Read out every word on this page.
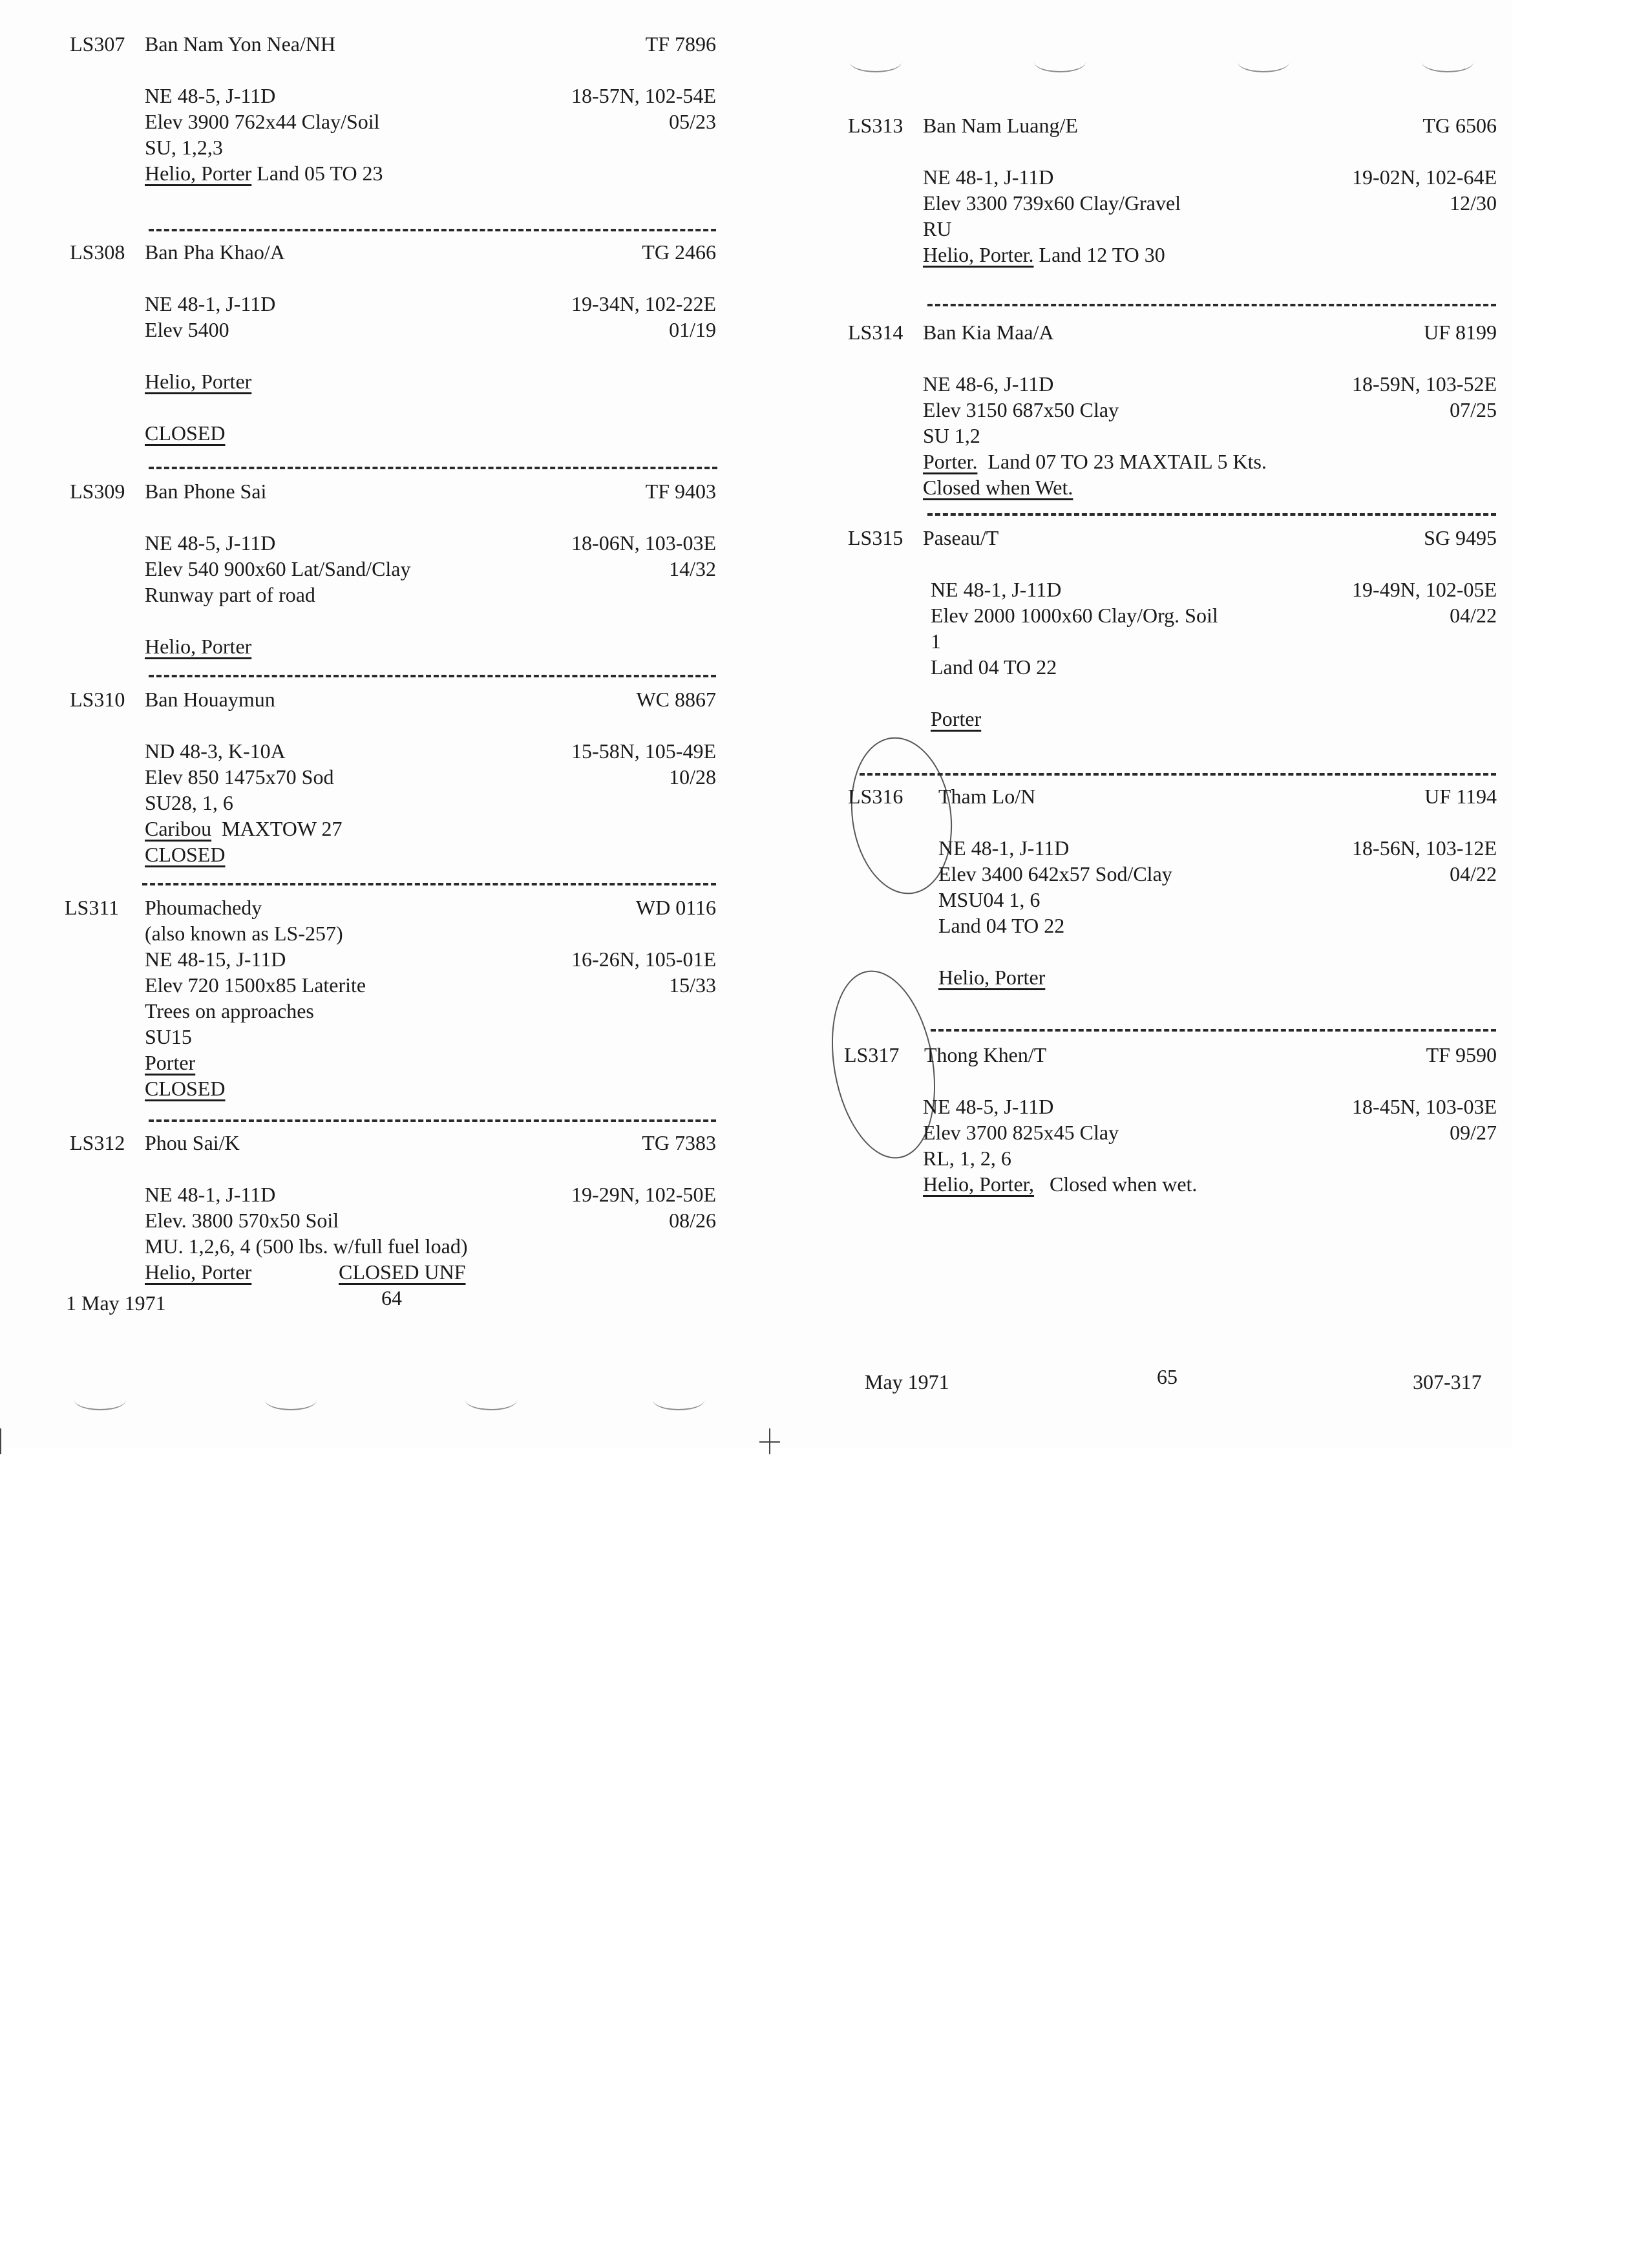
LS307 Ban Nam Yon Nea/NH	TF 7896
NE 48-5, J-11D	18-57N, 102-54E
Elev 3900 762x44 Clay/Soil	05/23
SU, 1,2,3
Helio, Porter Land 05 TO 23
LS308 Ban Pha Khao/A	TG 2466
NE 48-1, J-11D	19-34N, 102-22E
Elev 5400	01/19
Helio, Porter
CLOSED
LS309 Ban Phone Sai	TF 9403
NE 48-5, J-11D	18-06N, 103-03E
Elev 540 900x60 Lat/Sand/Clay	14/32
Runway part of road
Helio, Porter
LS310 Ban Houaymun	WC 8867
ND 48-3, K-10A	15-58N, 105-49E
Elev 850 1475x70 Sod	10/28
SU28, 1, 6
Caribou MAXTOW 27
CLOSED
LS311 Phoumachedy	WD 0116
(also known as LS-257)
NE 48-15, J-11D	16-26N, 105-01E
Elev 720 1500x85 Laterite	15/33
Trees on approaches
SU15
Porter
CLOSED
LS312 Phou Sai/K	TG 7383
NE 48-1, J-11D	19-29N, 102-50E
Elev. 3800 570x50 Soil	08/26
MU. 1,2,6, 4 (500 lbs. w/full fuel load)
Helio, Porter	CLOSED UNF
1 May 1971	64
LS313 Ban Nam Luang/E	TG 6506
NE 48-1, J-11D	19-02N, 102-64E
Elev 3300 739x60 Clay/Gravel	12/30
RU
Helio, Porter. Land 12 TO 30
LS314 Ban Kia Maa/A	UF 8199
NE 48-6, J-11D	18-59N, 103-52E
Elev 3150 687x50 Clay	07/25
SU 1,2
Porter. Land 07 TO 23 MAXTAIL 5 Kts.
Closed when Wet.
LS315 Paseau/T	SG 9495
NE 48-1, J-11D	19-49N, 102-05E
Elev 2000 1000x60 Clay/Org. Soil	04/22
1
Land 04 TO 22
Porter
LS316 Tham Lo/N	UF 1194
NE 48-1, J-11D	18-56N, 103-12E
Elev 3400 642x57 Sod/Clay	04/22
MSU04 1, 6
Land 04 TO 22
Helio, Porter
LS317 Thong Khen/T	TF 9590
NE 48-5, J-11D	18-45N, 103-03E
Elev 3700 825x45 Clay	09/27
RL, 1, 2, 6
Helio, Porter, Closed when wet.
May 1971	65	307-317
